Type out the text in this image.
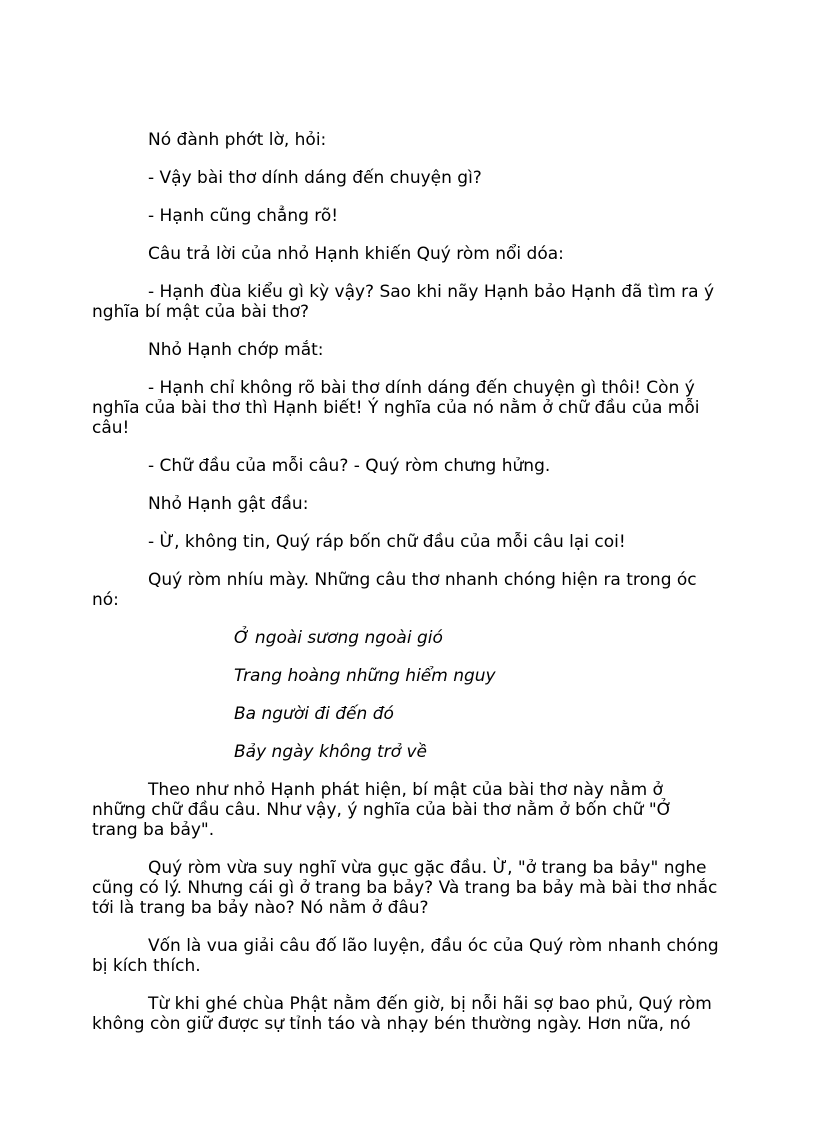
Nó đành phớt lờ, hỏi:

- Vậy bài thơ dính dáng đến chuyện gì?

- Hạnh cũng chẳng rõ!

Câu trả lời của nhỏ Hạnh khiến Quý ròm nổi dóa:

- Hạnh đùa kiểu gì kỳ vậy? Sao khi nãy Hạnh bảo Hạnh đã tìm ra ý nghĩa bí mật của bài thơ?

Nhỏ Hạnh chớp mắt:

- Hạnh chỉ không rõ bài thơ dính dáng đến chuyện gì thôi! Còn ý nghĩa của bài thơ thì Hạnh biết! Ý nghĩa của nó nằm ở chữ đầu của mỗi câu!

- Chữ đầu của mỗi câu? - Quý ròm chưng hửng.

Nhỏ Hạnh gật đầu:

- Ừ, không tin, Quý ráp bốn chữ đầu của mỗi câu lại coi!

Quý ròm nhíu mày. Những câu thơ nhanh chóng hiện ra trong óc nó:

Ở ngoài sương ngoài gió
Trang hoàng những hiểm nguy
Ba người đi đến đó
Bảy ngày không trở về

Theo như nhỏ Hạnh phát hiện, bí mật của bài thơ này nằm ở những chữ đầu câu. Như vậy, ý nghĩa của bài thơ nằm ở bốn chữ "Ở trang ba bảy".

Quý ròm vừa suy nghĩ vừa gục gặc đầu. Ừ, "ở trang ba bảy" nghe cũng có lý. Nhưng cái gì ở trang ba bảy? Và trang ba bảy mà bài thơ nhắc tới là trang ba bảy nào? Nó nằm ở đâu?

Vốn là vua giải câu đố lão luyện, đầu óc của Quý ròm nhanh chóng bị kích thích.

Từ khi ghé chùa Phật nằm đến giờ, bị nỗi hãi sợ bao phủ, Quý ròm không còn giữ được sự tỉnh táo và nhạy bén thường ngày. Hơn nữa, nó
